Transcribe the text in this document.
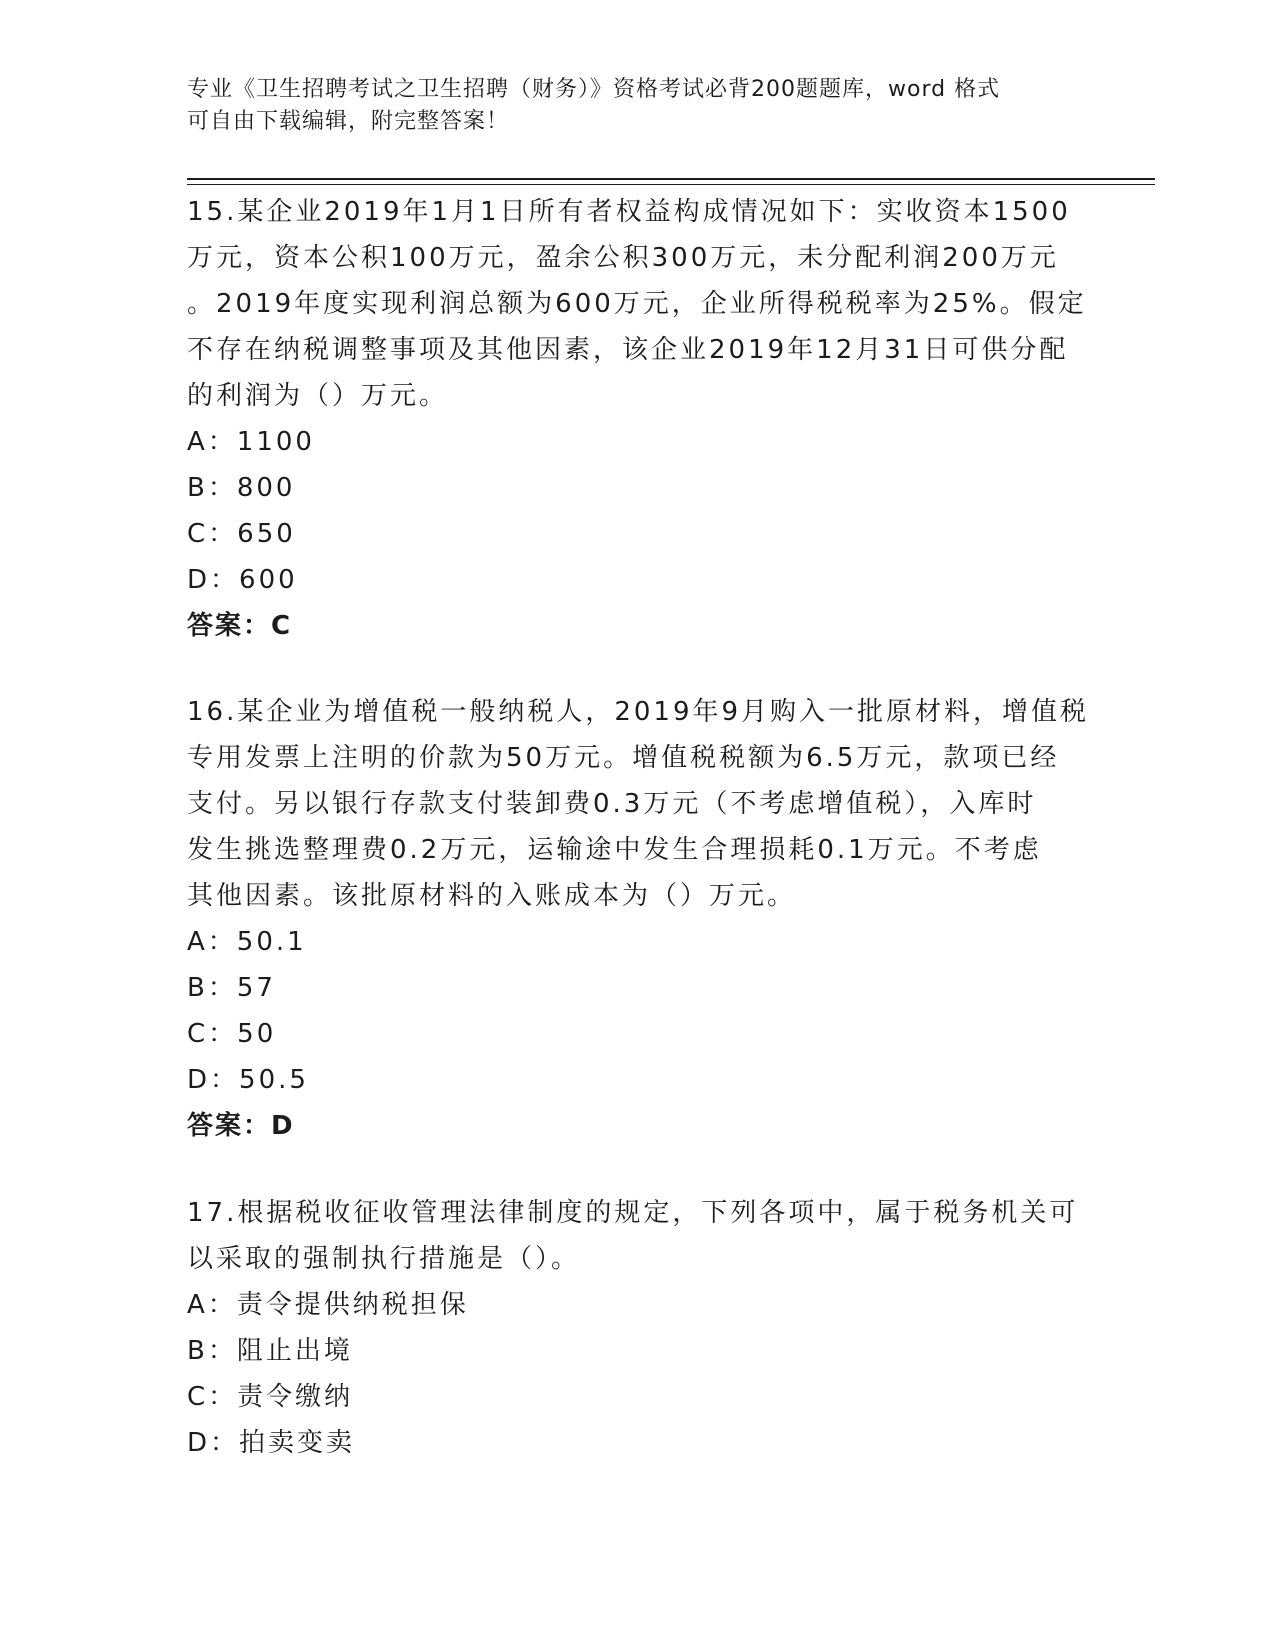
专业《卫生招聘考试之卫生招聘（财务）》资格考试必背200题题库，word 格式
可自由下载编辑，附完整答案！
15.某企业2019年1月1日所有者权益构成情况如下：实收资本1500
万元，资本公积100万元，盈余公积300万元，未分配利润200万元
。2019年度实现利润总额为600万元，企业所得税税率为25%。假定
不存在纳税调整事项及其他因素，该企业2019年12月31日可供分配
的利润为（）万元。
A：1100
B：800
C：650
D：600
答案：C
16.某企业为增值税一般纳税人，2019年9月购入一批原材料，增值税
专用发票上注明的价款为50万元。增值税税额为6.5万元，款项已经
支付。另以银行存款支付装卸费0.3万元（不考虑增值税），入库时
发生挑选整理费0.2万元，运输途中发生合理损耗0.1万元。不考虑
其他因素。该批原材料的入账成本为（）万元。
A：50.1
B：57
C：50
D：50.5
答案：D
17.根据税收征收管理法律制度的规定，下列各项中，属于税务机关可
以采取的强制执行措施是（）。
A：责令提供纳税担保
B：阻止出境
C：责令缴纳
D：拍卖变卖
